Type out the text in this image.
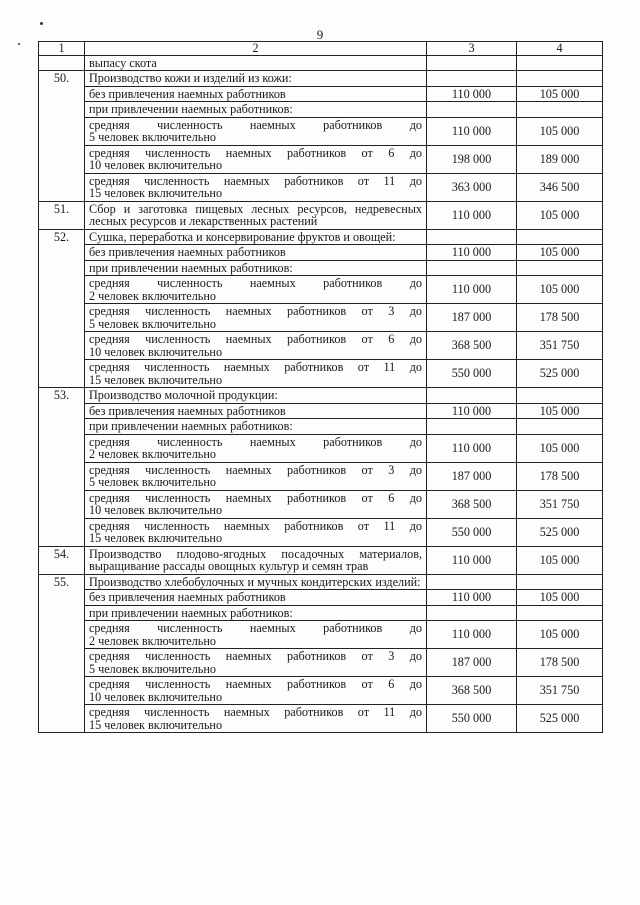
9
1	2	3	4
	выпасу скота		
50.	Производство кожи и изделий из кожи:		
	без привлечения наемных работников	110 000	105 000
	при привлечении наемных работников:		
	средняя численность наемных работников до
5 человек включительно	110 000	105 000
	средняя численность наемных работников от 6 до
10 человек включительно	198 000	189 000
	средняя численность наемных работников от 11 до
15 человек включительно	363 000	346 500
51.	Сбор и заготовка пищевых лесных ресурсов, недревесных
лесных ресурсов и лекарственных растений	110 000	105 000
52.	Сушка, переработка и консервирование фруктов и овощей:		
	без привлечения наемных работников	110 000	105 000
	при привлечении наемных работников:		
	средняя численность наемных работников до
2 человек включительно	110 000	105 000
	средняя численность наемных работников от 3 до
5 человек включительно	187 000	178 500
	средняя численность наемных работников от 6 до
10 человек включительно	368 500	351 750
	средняя численность наемных работников от 11 до
15 человек включительно	550 000	525 000
53.	Производство молочной продукции:		
	без привлечения наемных работников	110 000	105 000
	при привлечении наемных работников:		
	средняя численность наемных работников до
2 человек включительно	110 000	105 000
	средняя численность наемных работников от 3 до
5 человек включительно	187 000	178 500
	средняя численность наемных работников от 6 до
10 человек включительно	368 500	351 750
	средняя численность наемных работников от 11 до
15 человек включительно	550 000	525 000
54.	Производство плодово-ягодных посадочных материалов,
выращивание рассады овощных культур и семян трав	110 000	105 000
55.	Производство хлебобулочных и мучных кондитерских изделий:		
	без привлечения наемных работников	110 000	105 000
	при привлечении наемных работников:		
	средняя численность наемных работников до
2 человек включительно	110 000	105 000
	средняя численность наемных работников от 3 до
5 человек включительно	187 000	178 500
	средняя численность наемных работников от 6 до
10 человек включительно	368 500	351 750
	средняя численность наемных работников от 11 до
15 человек включительно	550 000	525 000
